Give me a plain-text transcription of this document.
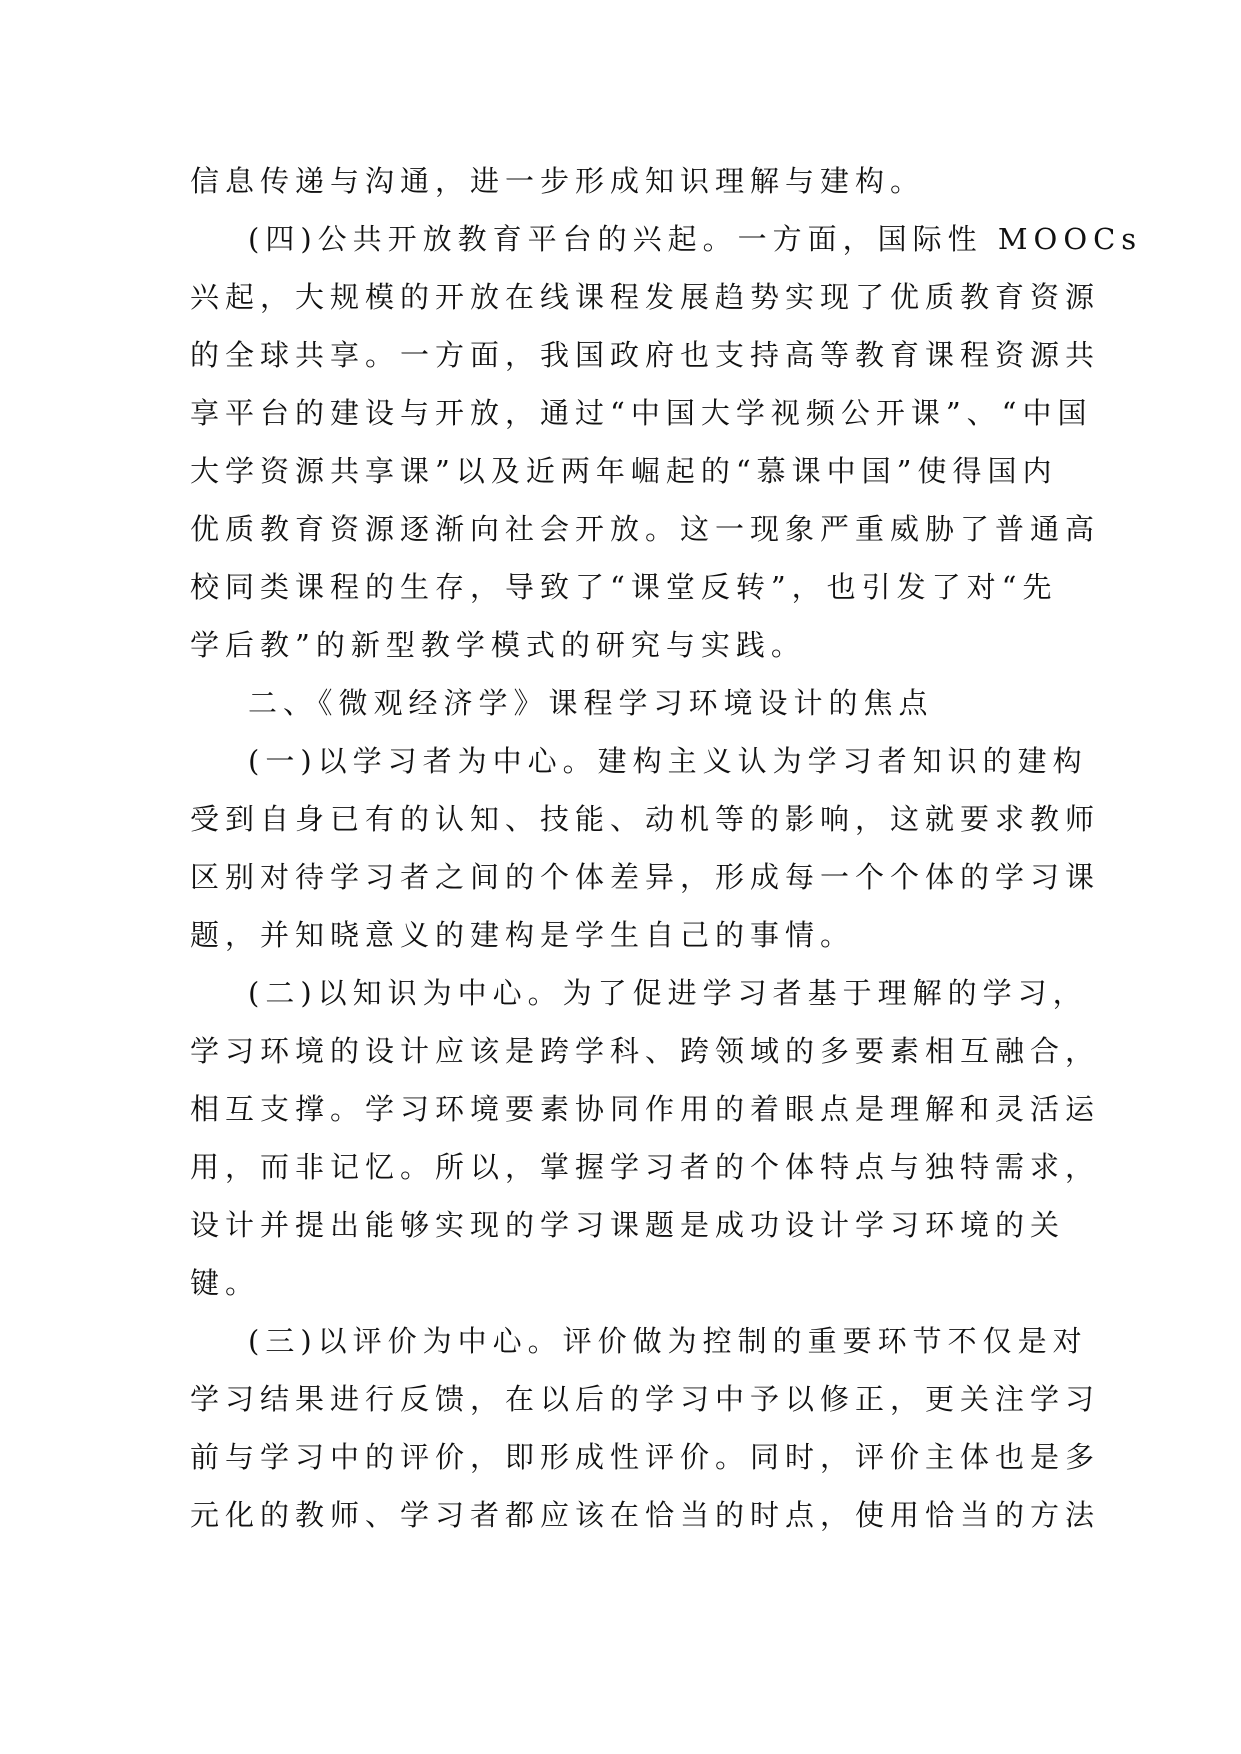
信息传递与沟通，进一步形成知识理解与建构。
(四)公共开放教育平台的兴起。一方面，国际性 MOOCs
兴起，大规模的开放在线课程发展趋势实现了优质教育资源
的全球共享。一方面，我国政府也支持高等教育课程资源共
享平台的建设与开放，通过“中国大学视频公开课”、“中国
大学资源共享课”以及近两年崛起的“慕课中国”使得国内
优质教育资源逐渐向社会开放。这一现象严重威胁了普通高
校同类课程的生存，导致了“课堂反转”，也引发了对“先
学后教”的新型教学模式的研究与实践。
二、《微观经济学》课程学习环境设计的焦点
(一)以学习者为中心。建构主义认为学习者知识的建构
受到自身已有的认知、技能、动机等的影响，这就要求教师
区别对待学习者之间的个体差异，形成每一个个体的学习课
题，并知晓意义的建构是学生自己的事情。
(二)以知识为中心。为了促进学习者基于理解的学习，
学习环境的设计应该是跨学科、跨领域的多要素相互融合，
相互支撑。学习环境要素协同作用的着眼点是理解和灵活运
用，而非记忆。所以，掌握学习者的个体特点与独特需求，
设计并提出能够实现的学习课题是成功设计学习环境的关
键。
(三)以评价为中心。评价做为控制的重要环节不仅是对
学习结果进行反馈，在以后的学习中予以修正，更关注学习
前与学习中的评价，即形成性评价。同时，评价主体也是多
元化的教师、学习者都应该在恰当的时点，使用恰当的方法
